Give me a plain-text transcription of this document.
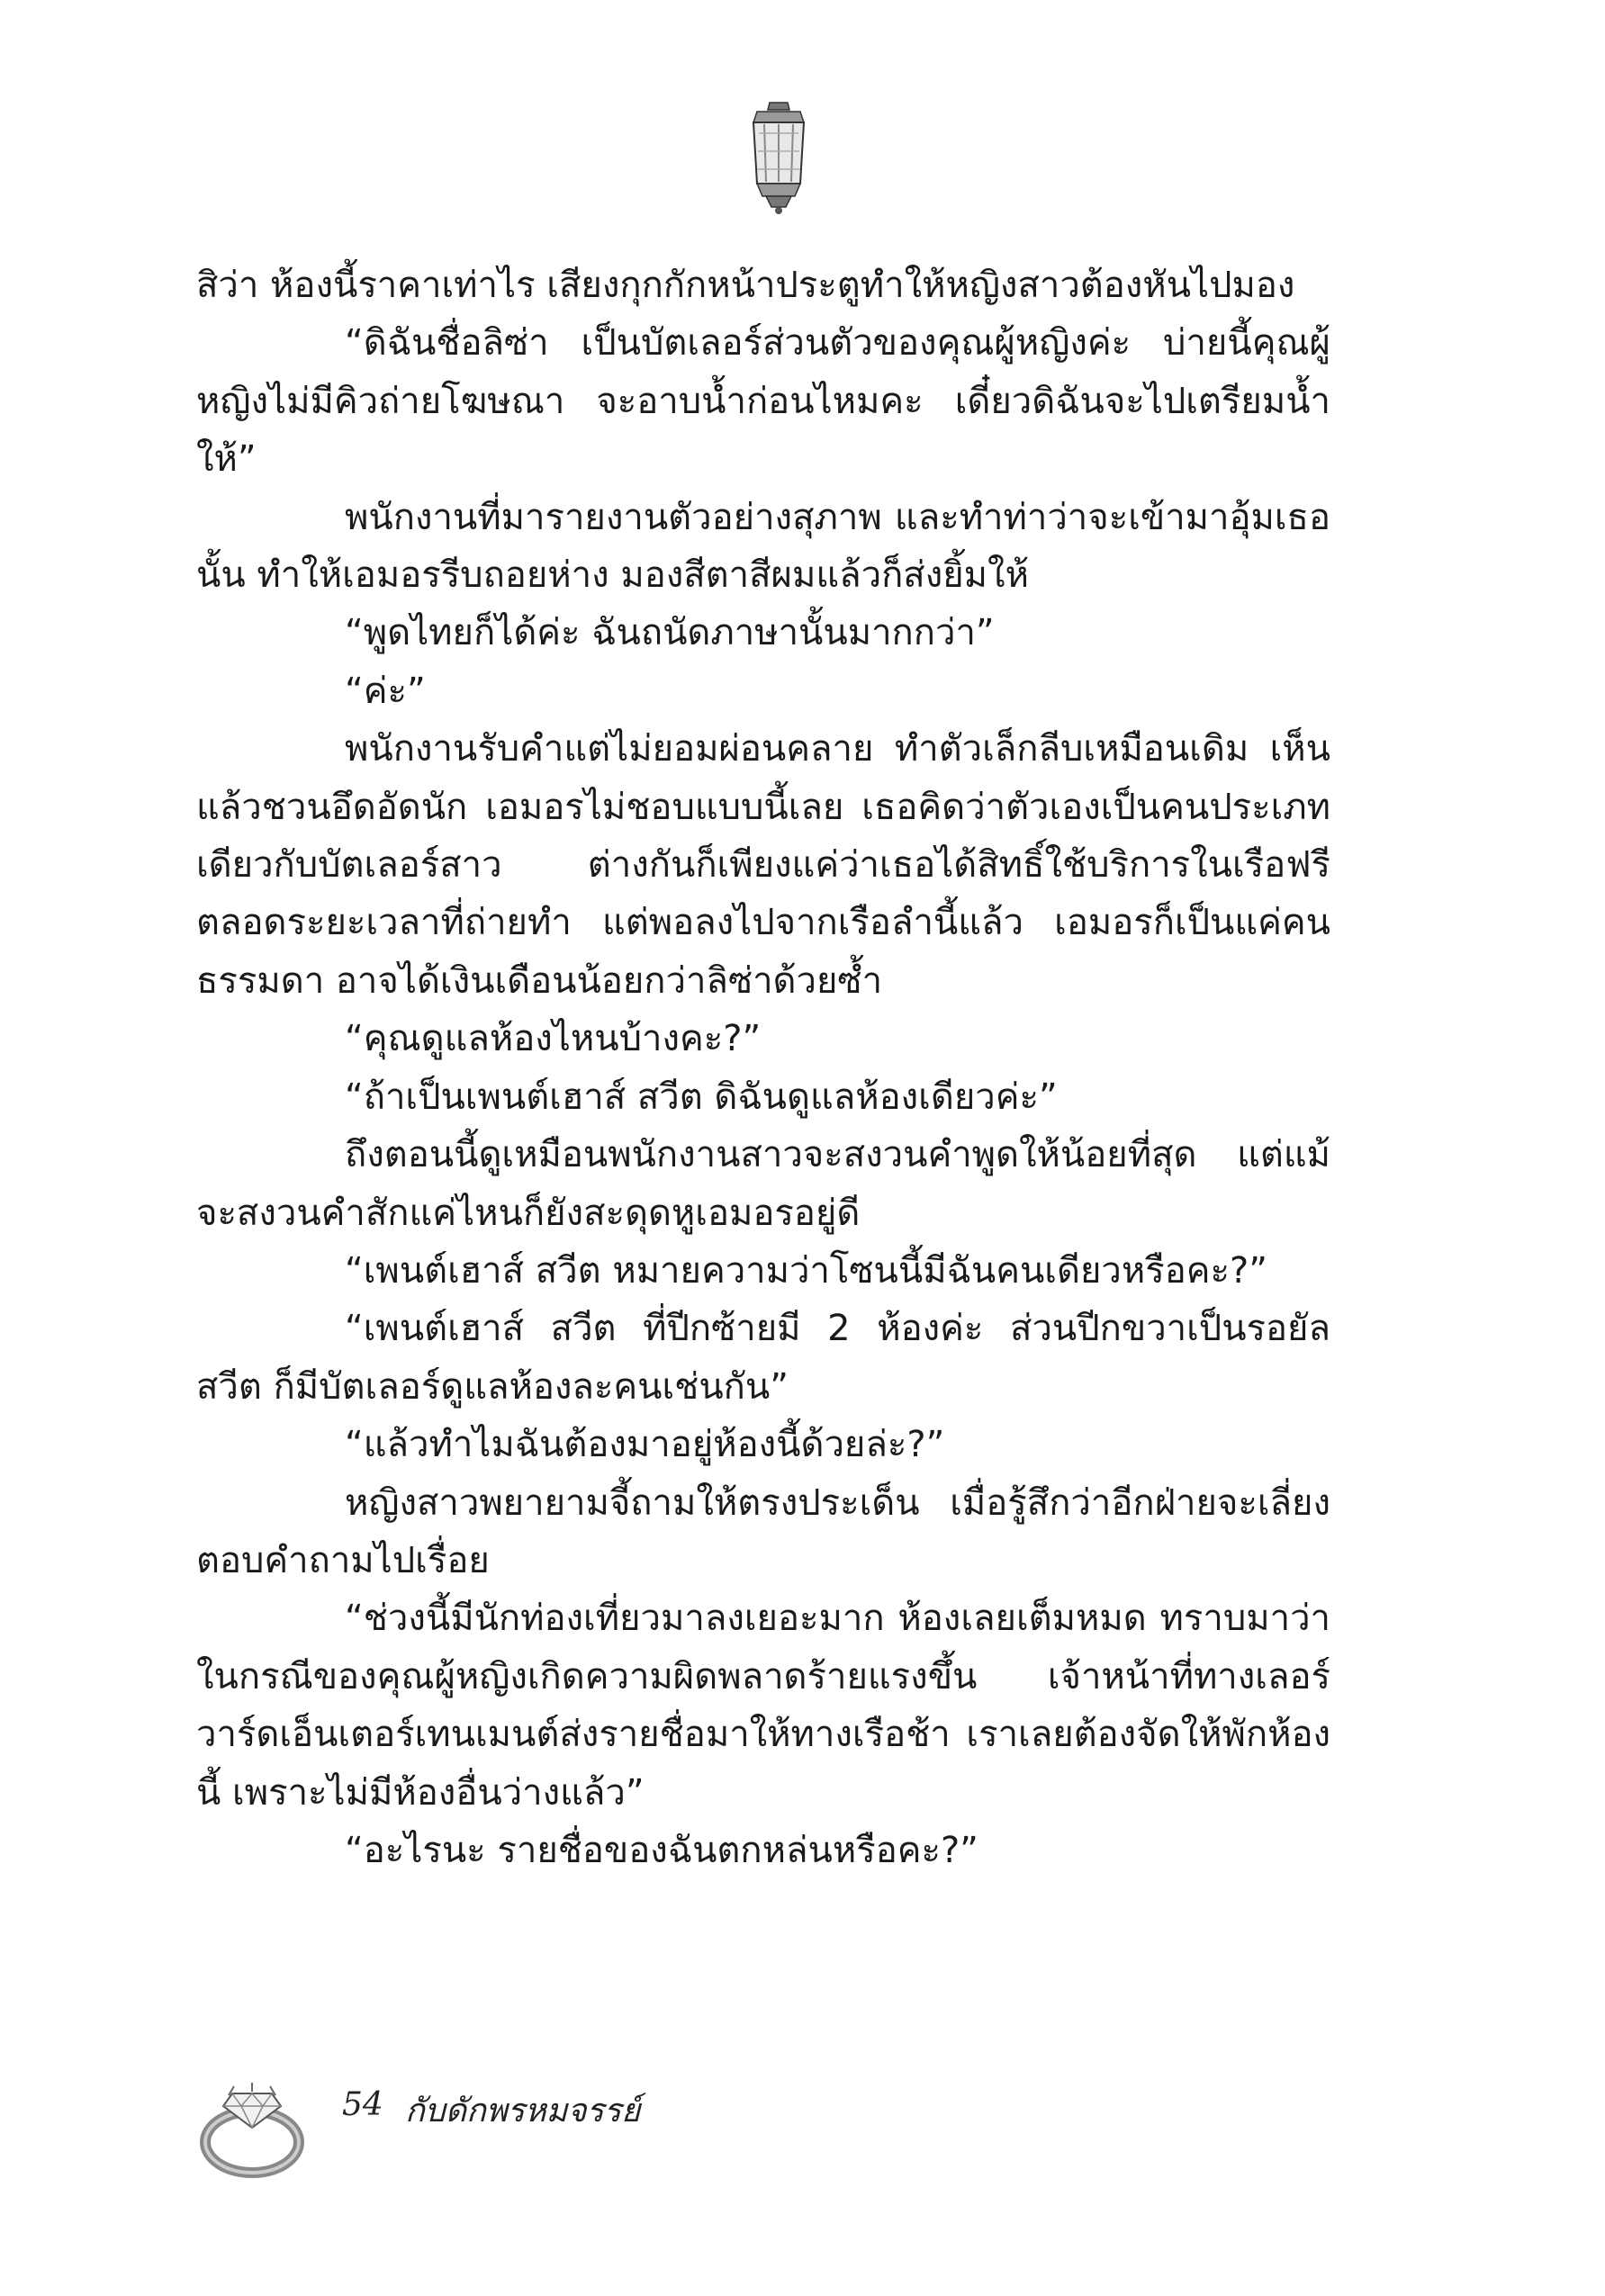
สิว่า ห้องนี้ราคาเท่าไร เสียงกุกกักหน้าประตูทำให้หญิงสาวต้องหันไปมอง

“ดิฉันชื่อลิซ่า เป็นบัตเลอร์ส่วนตัวของคุณผู้หญิงค่ะ บ่ายนี้คุณผู้หญิงไม่มีคิวถ่ายโฆษณา จะอาบน้ำก่อนไหมคะ เดี๋ยวดิฉันจะไปเตรียมน้ำให้”

พนักงานที่มารายงานตัวอย่างสุภาพ และทำท่าว่าจะเข้ามาอุ้มเธอนั้น ทำให้เอมอรรีบถอยห่าง มองสีตาสีผมแล้วก็ส่งยิ้มให้

“พูดไทยก็ได้ค่ะ ฉันถนัดภาษานั้นมากกว่า”

“ค่ะ”

พนักงานรับคำแต่ไม่ยอมผ่อนคลาย ทำตัวเล็กลีบเหมือนเดิม เห็นแล้วชวนอึดอัดนัก เอมอรไม่ชอบแบบนี้เลย เธอคิดว่าตัวเองเป็นคนประเภทเดียวกับบัตเลอร์สาว ต่างกันก็เพียงแค่ว่าเธอได้สิทธิ์ใช้บริการในเรือฟรีตลอดระยะเวลาที่ถ่ายทำ แต่พอลงไปจากเรือลำนี้แล้ว เอมอรก็เป็นแค่คนธรรมดา อาจได้เงินเดือนน้อยกว่าลิซ่าด้วยซ้ำ

“คุณดูแลห้องไหนบ้างคะ?”

“ถ้าเป็นเพนต์เฮาส์ สวีต ดิฉันดูแลห้องเดียวค่ะ”

ถึงตอนนี้ดูเหมือนพนักงานสาวจะสงวนคำพูดให้น้อยที่สุด แต่แม้จะสงวนคำสักแค่ไหนก็ยังสะดุดหูเอมอรอยู่ดี

“เพนต์เฮาส์ สวีต หมายความว่าโซนนี้มีฉันคนเดียวหรือคะ?”

“เพนต์เฮาส์ สวีต ที่ปีกซ้ายมี 2 ห้องค่ะ ส่วนปีกขวาเป็นรอยัล สวีต ก็มีบัตเลอร์ดูแลห้องละคนเช่นกัน”

“แล้วทำไมฉันต้องมาอยู่ห้องนี้ด้วยล่ะ?”

หญิงสาวพยายามจี้ถามให้ตรงประเด็น เมื่อรู้สึกว่าอีกฝ่ายจะเลี่ยงตอบคำถามไปเรื่อย

“ช่วงนี้มีนักท่องเที่ยวมาลงเยอะมาก ห้องเลยเต็มหมด ทราบมาว่าในกรณีของคุณผู้หญิงเกิดความผิดพลาดร้ายแรงขึ้น เจ้าหน้าที่ทางเลอร์วาร์ดเอ็นเตอร์เทนเมนต์ส่งรายชื่อมาให้ทางเรือช้า เราเลยต้องจัดให้พักห้องนี้ เพราะไม่มีห้องอื่นว่างแล้ว”

“อะไรนะ รายชื่อของฉันตกหล่นหรือคะ?”

54 กับดักพรหมจรรย์
